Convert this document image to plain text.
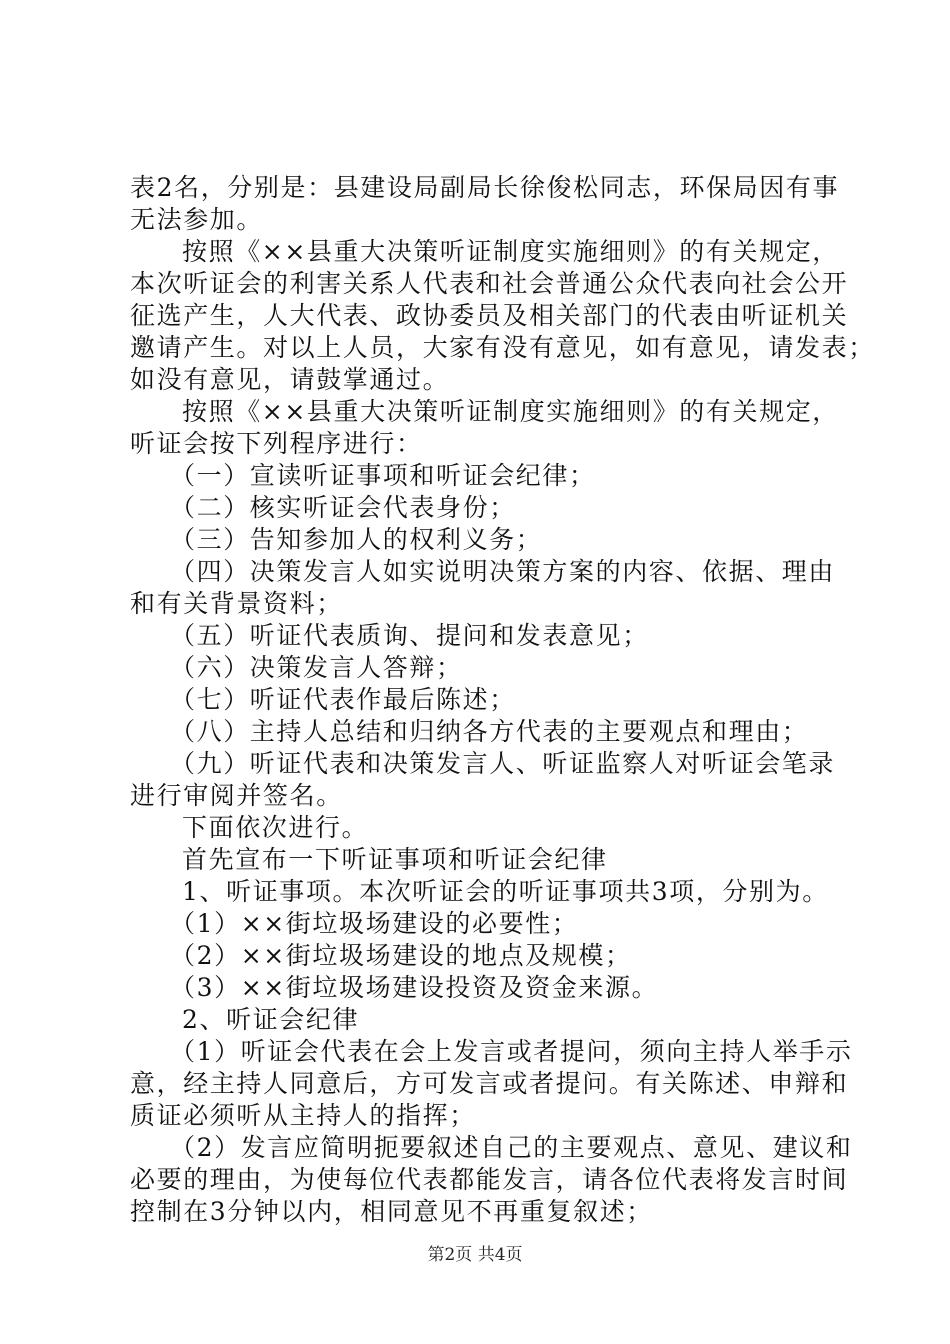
表2名，分别是：县建设局副局长徐俊松同志，环保局因有事
无法参加。
按照《××县重大决策听证制度实施细则》的有关规定，
本次听证会的利害关系人代表和社会普通公众代表向社会公开
征选产生，人大代表、政协委员及相关部门的代表由听证机关
邀请产生。对以上人员，大家有没有意见，如有意见，请发表；
如没有意见，请鼓掌通过。
按照《××县重大决策听证制度实施细则》的有关规定，
听证会按下列程序进行：
（一）宣读听证事项和听证会纪律；
（二）核实听证会代表身份；
（三）告知参加人的权利义务；
（四）决策发言人如实说明决策方案的内容、依据、理由
和有关背景资料；
（五）听证代表质询、提问和发表意见；
（六）决策发言人答辩；
（七）听证代表作最后陈述；
（八）主持人总结和归纳各方代表的主要观点和理由；
（九）听证代表和决策发言人、听证监察人对听证会笔录
进行审阅并签名。
下面依次进行。
首先宣布一下听证事项和听证会纪律
1、听证事项。本次听证会的听证事项共3项，分别为。
（1）××街垃圾场建设的必要性；
（2）××街垃圾场建设的地点及规模；
（3）××街垃圾场建设投资及资金来源。
2、听证会纪律
（1）听证会代表在会上发言或者提问，须向主持人举手示
意，经主持人同意后，方可发言或者提问。有关陈述、申辩和
质证必须听从主持人的指挥；
（2）发言应简明扼要叙述自己的主要观点、意见、建议和
必要的理由，为使每位代表都能发言，请各位代表将发言时间
控制在3分钟以内，相同意见不再重复叙述；
第2页 共4页
